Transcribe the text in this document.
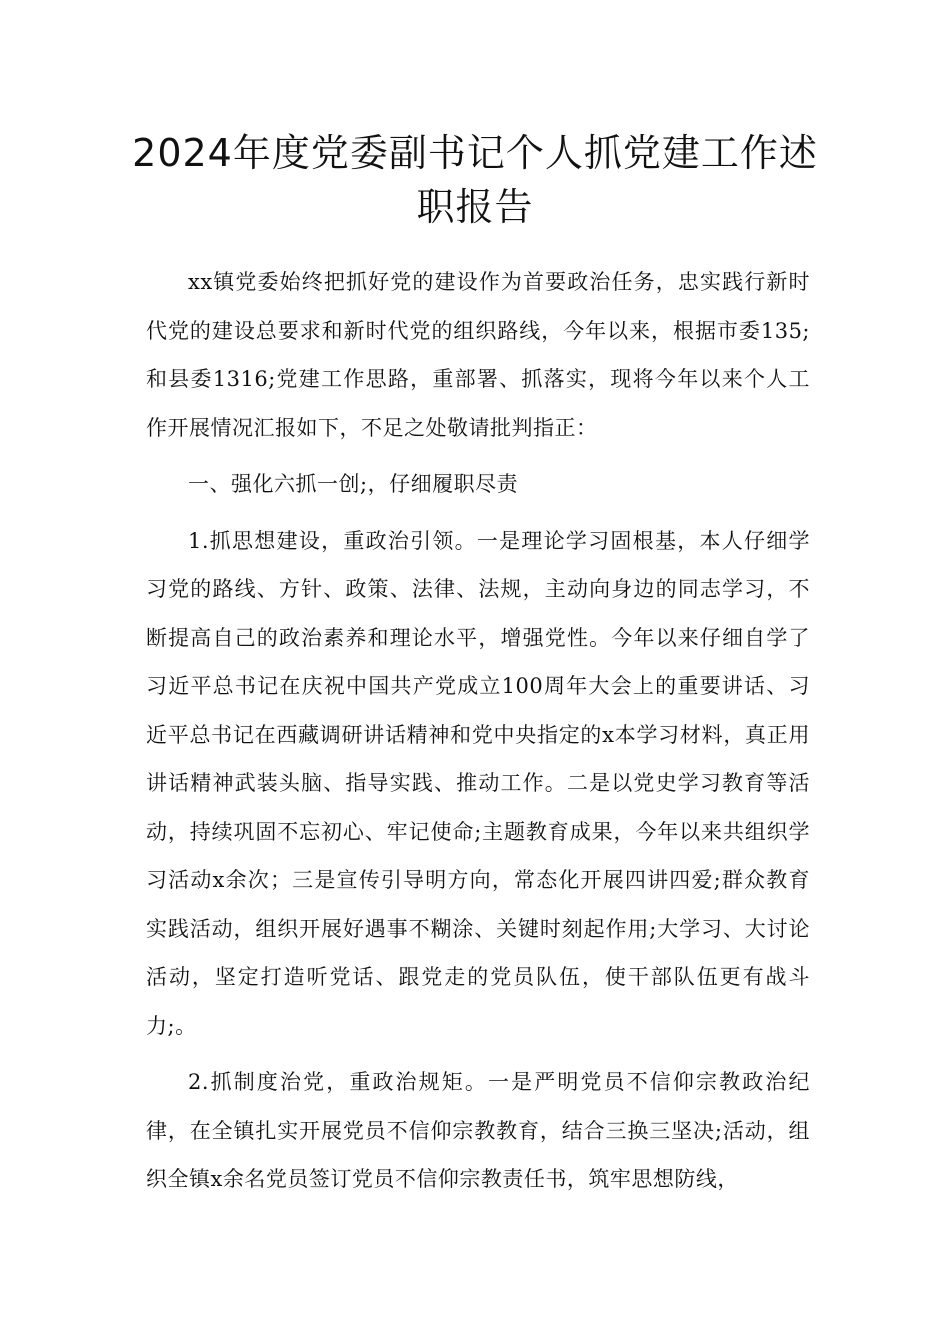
2024年度党委副书记个人抓党建工作述
职报告

xx镇党委始终把抓好党的建设作为首要政治任务，忠实践行新时代党的建设总要求和新时代党的组织路线，今年以来，根据市委135;和县委1316;党建工作思路，重部署、抓落实，现将今年以来个人工作开展情况汇报如下，不足之处敬请批判指正：

一、强化六抓一创;，仔细履职尽责

1.抓思想建设，重政治引领。一是理论学习固根基，本人仔细学习党的路线、方针、政策、法律、法规，主动向身边的同志学习，不断提高自己的政治素养和理论水平，增强党性。今年以来仔细自学了习近平总书记在庆祝中国共产党成立100周年大会上的重要讲话、习近平总书记在西藏调研讲话精神和党中央指定的x本学习材料，真正用讲话精神武装头脑、指导实践、推动工作。二是以党史学习教育等活动，持续巩固不忘初心、牢记使命;主题教育成果，今年以来共组织学习活动x余次；三是宣传引导明方向，常态化开展四讲四爱;群众教育实践活动，组织开展好遇事不糊涂、关键时刻起作用;大学习、大讨论活动，坚定打造听党话、跟党走的党员队伍，使干部队伍更有战斗力;。

2.抓制度治党，重政治规矩。一是严明党员不信仰宗教政治纪律，在全镇扎实开展党员不信仰宗教教育，结合三换三坚决;活动，组织全镇x余名党员签订党员不信仰宗教责任书，筑牢思想防线，
